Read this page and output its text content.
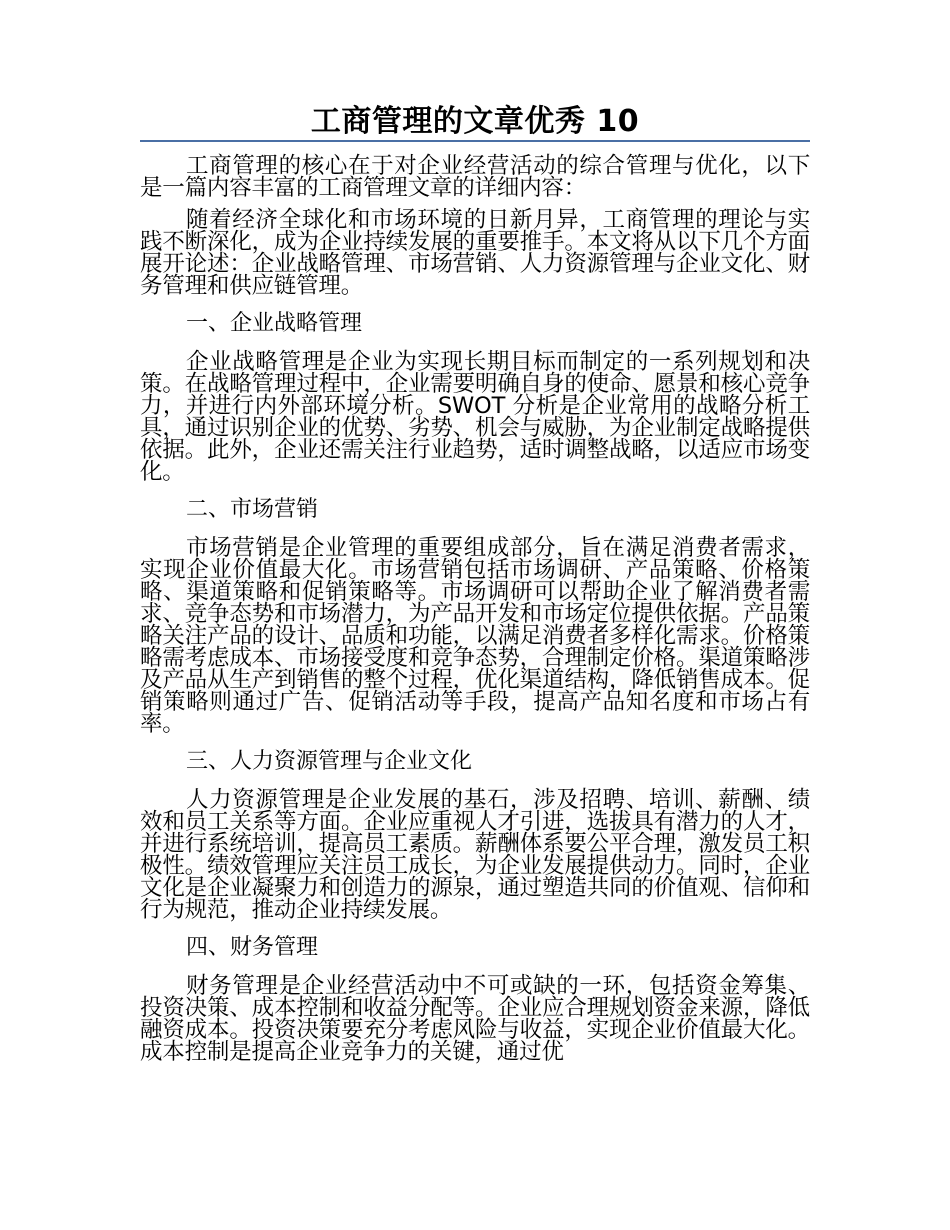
工商管理的文章优秀 10

工商管理的核心在于对企业经营活动的综合管理与优化，以下是一篇内容丰富的工商管理文章的详细内容：

随着经济全球化和市场环境的日新月异，工商管理的理论与实践不断深化，成为企业持续发展的重要推手。本文将从以下几个方面展开论述：企业战略管理、市场营销、人力资源管理与企业文化、财务管理和供应链管理。

一、企业战略管理

企业战略管理是企业为实现长期目标而制定的一系列规划和决策。在战略管理过程中，企业需要明确自身的使命、愿景和核心竞争力，并进行内外部环境分析。SWOT 分析是企业常用的战略分析工具，通过识别企业的优势、劣势、机会与威胁，为企业制定战略提供依据。此外，企业还需关注行业趋势，适时调整战略，以适应市场变化。

二、市场营销

市场营销是企业管理的重要组成部分，旨在满足消费者需求，实现企业价值最大化。市场营销包括市场调研、产品策略、价格策略、渠道策略和促销策略等。市场调研可以帮助企业了解消费者需求、竞争态势和市场潜力，为产品开发和市场定位提供依据。产品策略关注产品的设计、品质和功能，以满足消费者多样化需求。价格策略需考虑成本、市场接受度和竞争态势，合理制定价格。渠道策略涉及产品从生产到销售的整个过程，优化渠道结构，降低销售成本。促销策略则通过广告、促销活动等手段，提高产品知名度和市场占有率。

三、人力资源管理与企业文化

人力资源管理是企业发展的基石，涉及招聘、培训、薪酬、绩效和员工关系等方面。企业应重视人才引进，选拔具有潜力的人才，并进行系统培训，提高员工素质。薪酬体系要公平合理，激发员工积极性。绩效管理应关注员工成长，为企业发展提供动力。同时，企业文化是企业凝聚力和创造力的源泉，通过塑造共同的价值观、信仰和行为规范，推动企业持续发展。

四、财务管理

财务管理是企业经营活动中不可或缺的一环，包括资金筹集、投资决策、成本控制和收益分配等。企业应合理规划资金来源，降低融资成本。投资决策要充分考虑风险与收益，实现企业价值最大化。成本控制是提高企业竞争力的关键，通过优
